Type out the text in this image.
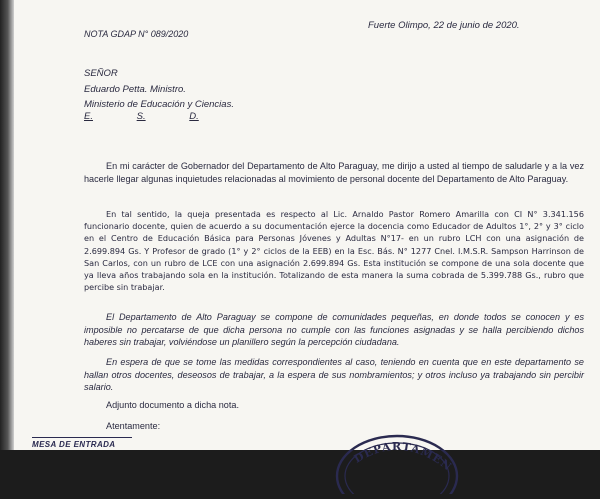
Fuerte Olimpo, 22 de junio de 2020.
NOTA GDAP N° 089/2020
SEÑOR
Eduardo Petta. Ministro.
Ministerio de Educación y Ciencias.
E.	S.	D.
En mi carácter de Gobernador del Departamento de Alto Paraguay, me dirijo a usted al tiempo de saludarle y a la vez hacerle llegar algunas inquietudes relacionadas al movimiento de personal docente del Departamento de Alto Paraguay.
En tal sentido, la queja presentada es respecto al Lic. Arnaldo Pastor Romero Amarilla con CI N° 3.341.156 funcionario docente, quien de acuerdo a su documentación ejerce la docencia como Educador de Adultos 1°, 2° y 3° ciclo en el Centro de Educación Básica para Personas Jóvenes y Adultas N°17- en un rubro LCH con una asignación de 2.699.894 Gs. Y Profesor de grado (1° y 2° ciclos de la EEB) en la Esc. Bás. N° 1277 Cnel. I.M.S.R. Sampson Harrinson de San Carlos, con un rubro de LCE con una asignación 2.699.894 Gs. Esta institución se compone de una sola docente que ya lleva años trabajando sola en la institución. Totalizando de esta manera la suma cobrada de 5.399.788 Gs., rubro que percibe sin trabajar.
El Departamento de Alto Paraguay se compone de comunidades pequeñas, en donde todos se conocen y es imposible no percatarse de que dicha persona no cumple con las funciones asignadas y se halla percibiendo dichos haberes sin trabajar, volviéndose un planillero según la percepción ciudadana.
En espera de que se tome las medidas correspondientes al caso, teniendo en cuenta que en este departamento se hallan otros docentes, deseosos de trabajar, a la espera de sus nombramientos; y otros incluso ya trabajando sin percibir salario.
Adjunto documento a dicha nota.
Atentamente:
MESA DE ENTRADA
DEPARTAMEN
